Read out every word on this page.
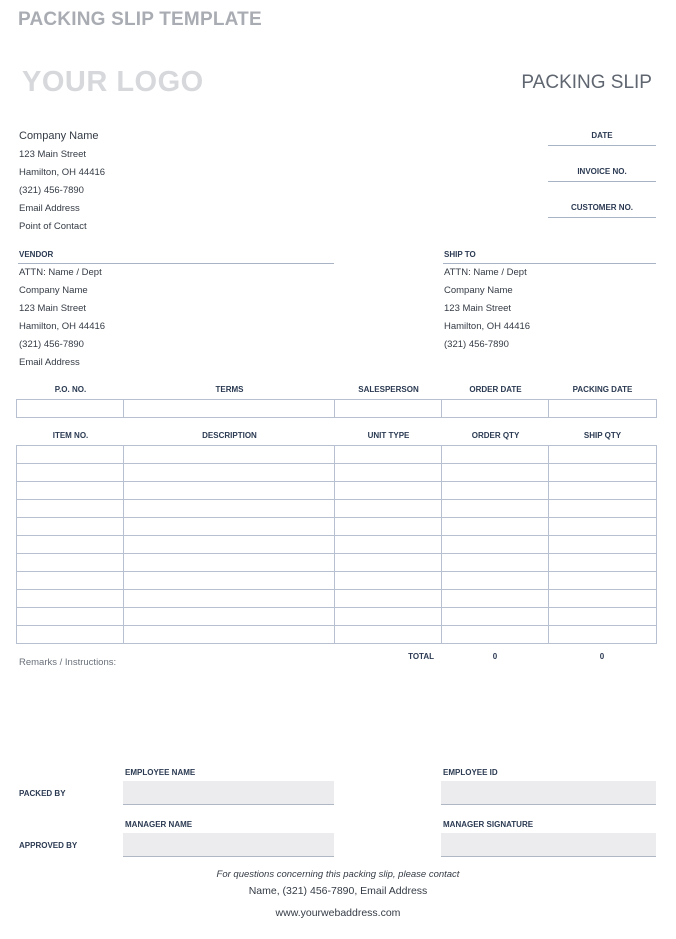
PACKING SLIP TEMPLATE
YOUR LOGO	PACKING SLIP
Company Name
123 Main Street
Hamilton, OH 44416
(321) 456-7890
Email Address
Point of Contact
DATE
INVOICE NO.
CUSTOMER NO.
VENDOR
ATTN: Name / Dept
Company Name
123 Main Street
Hamilton, OH 44416
(321) 456-7890
Email Address
SHIP TO
ATTN: Name / Dept
Company Name
123 Main Street
Hamilton, OH 44416
(321) 456-7890
P.O. NO.	TERMS	SALESPERSON	ORDER DATE	PACKING DATE

ITEM NO.	DESCRIPTION	UNIT TYPE	ORDER QTY	SHIP QTY

Remarks / Instructions:
TOTAL	0	0
EMPLOYEE NAME	EMPLOYEE ID
PACKED BY
MANAGER NAME	MANAGER SIGNATURE
APPROVED BY
For questions concerning this packing slip, please contact
Name, (321) 456-7890, Email Address
www.yourwebaddress.com
